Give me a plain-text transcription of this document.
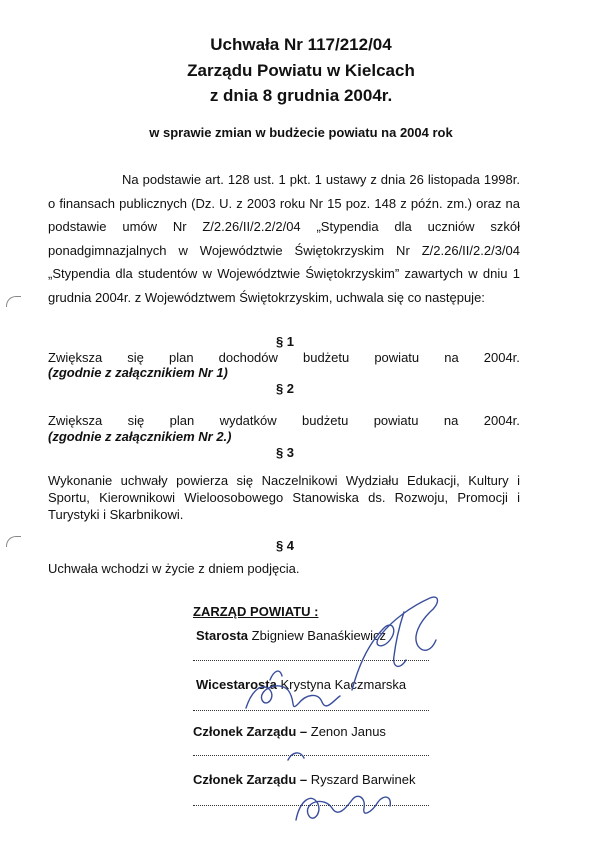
Uchwała Nr 117/212/04
Zarządu Powiatu w Kielcach
z dnia 8 grudnia 2004r.
w sprawie zmian w budżecie powiatu na 2004 rok
Na podstawie art. 128 ust. 1 pkt. 1 ustawy z dnia 26 listopada 1998r. o finansach publicznych (Dz. U. z 2003 roku Nr 15 poz. 148 z późn. zm.) oraz na podstawie umów Nr Z/2.26/II/2.2/2/04 „Stypendia dla uczniów szkół ponadgimnazjalnych w Województwie Świętokrzyskim Nr Z/2.26/II/2.2/3/04 „Stypendia dla studentów w Województwie Świętokrzyskim” zawartych w dniu 1 grudnia 2004r. z Województwem Świętokrzyskim, uchwala się co następuje:
§ 1
Zwiększa się plan dochodów budżetu powiatu na 2004r.
(zgodnie z załącznikiem Nr 1)
§ 2
Zwiększa się plan wydatków budżetu powiatu na 2004r.
(zgodnie z załącznikiem Nr 2.)
§ 3
Wykonanie uchwały powierza się Naczelnikowi Wydziału Edukacji, Kultury i Sportu, Kierownikowi Wieloosobowego Stanowiska ds. Rozwoju, Promocji i Turystyki i Skarbnikowi.
§ 4
Uchwała wchodzi w życie z dniem podjęcia.
ZARZĄD POWIATU :
Starosta Zbigniew Banaśkiewicz
Wicestarosta Krystyna Kaczmarska
Członek Zarządu – Zenon Janus
Członek Zarządu – Ryszard Barwinek
